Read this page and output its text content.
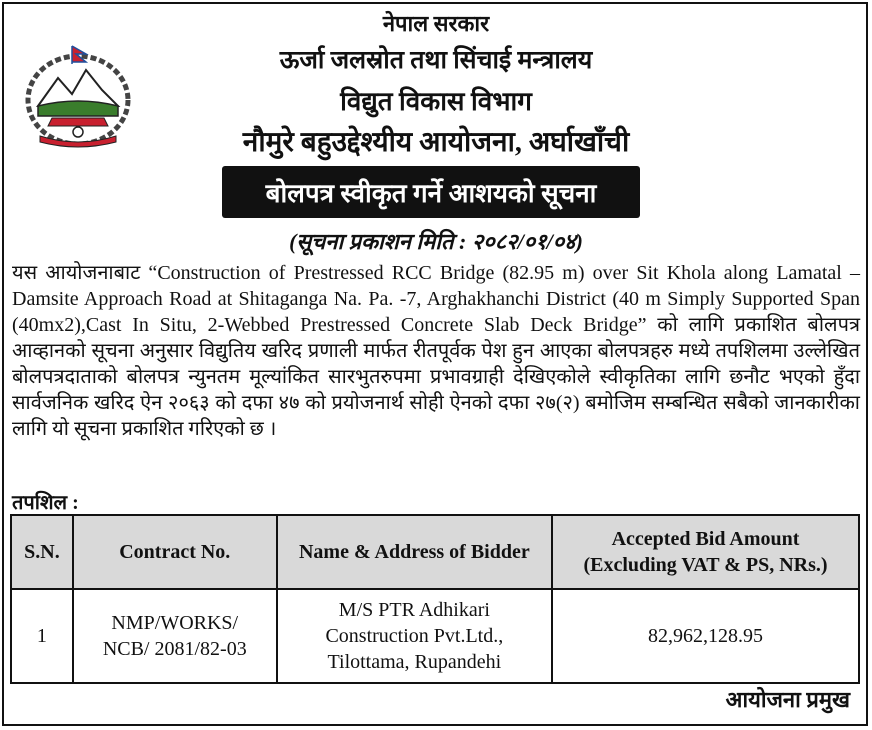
नेपाल सरकार
ऊर्जा जलस्रोत तथा सिंचाई मन्त्रालय
विद्युत विकास विभाग
नौमुरे बहुउद्देश्यीय आयोजना, अर्घाखाँची
बोलपत्र स्वीकृत गर्ने आशयको सूचना
(सूचना प्रकाशन मिति : २०८२/०१/०४)
यस आयोजनाबाट “Construction of Prestressed RCC Bridge (82.95 m) over Sit Khola along Lamatal – Damsite Approach Road at Shitaganga Na. Pa. -7, Arghakhanchi District (40 m Simply Supported Span (40mx2),Cast In Situ, 2-Webbed Prestressed Concrete Slab Deck Bridge” को लागि प्रकाशित बोलपत्र आव्हानको सूचना अनुसार विद्युतिय खरिद प्रणाली मार्फत रीतपूर्वक पेश हुन आएका बोलपत्रहरु मध्ये तपशिलमा उल्लेखित बोलपत्रदाताको बोलपत्र न्युनतम मूल्यांकित सारभुतरुपमा प्रभावग्राही देखिएकोले स्वीकृतिका लागि छनौट भएको हुँदा सार्वजनिक खरिद ऐन २०६३ को दफा ४७ को प्रयोजनार्थ सोही ऐनको दफा २७(२) बमोजिम सम्बन्धित सबैको जानकारीका लागि यो सूचना प्रकाशित गरिएको छ ।
तपशिल :
S.N.	Contract No.	Name & Address of Bidder	Accepted Bid Amount (Excluding VAT & PS, NRs.)
1	NMP/WORKS/ NCB/ 2081/82-03	M/S PTR Adhikari Construction Pvt.Ltd., Tilottama, Rupandehi	82,962,128.95
आयोजना प्रमुख
